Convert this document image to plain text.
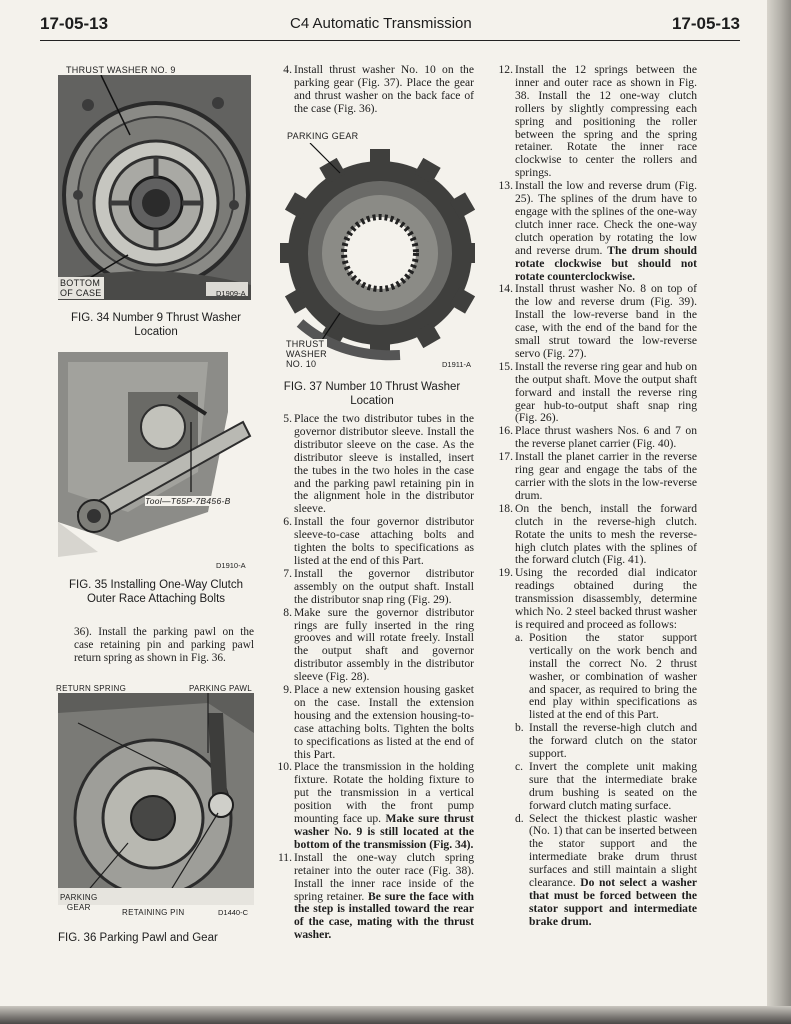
17-05-13	C4 Automatic Transmission	17-05-13
THRUST WASHER NO. 9
BOTTOM
OF CASE	D1909-A
FIG. 34 Number 9 Thrust Washer
Location
Tool—T65P-7B456-B
D1910-A
FIG. 35 Installing One-Way Clutch
Outer Race Attaching Bolts
36). Install the parking pawl on the case retaining pin and parking pawl return spring as shown in Fig. 36.
RETURN SPRING	PARKING PAWL
PARKING
GEAR
RETAINING PIN	D1440-C
FIG. 36 Parking Pawl and Gear
PARKING GEAR
THRUST
WASHER
NO. 10	D1911-A
FIG. 37 Number 10 Thrust Washer
Location
4. Install thrust washer No. 10 on the parking gear (Fig. 37). Place the gear and thrust washer on the back face of the case (Fig. 36).
5. Place the two distributor tubes in the governor distributor sleeve. Install the distributor sleeve on the case. As the distributor sleeve is installed, insert the tubes in the two holes in the case and the parking pawl retaining pin in the alignment hole in the distributor sleeve.
6. Install the four governor distributor sleeve-to-case attaching bolts and tighten the bolts to specifications as listed at the end of this Part.
7. Install the governor distributor assembly on the output shaft. Install the distributor snap ring (Fig. 29).
8. Make sure the governor distributor rings are fully inserted in the ring grooves and will rotate freely. Install the output shaft and governor distributor assembly in the distributor sleeve (Fig. 28).
9. Place a new extension housing gasket on the case. Install the extension housing and the extension housing-to-case attaching bolts. Tighten the bolts to specifications as listed at the end of this Part.
10. Place the transmission in the holding fixture. Rotate the holding fixture to put the transmission in a vertical position with the front pump mounting face up. Make sure thrust washer No. 9 is still located at the bottom of the transmission (Fig. 34).
11. Install the one-way clutch spring retainer into the outer race (Fig. 38). Install the inner race inside of the spring retainer. Be sure the face with the step is installed toward the rear of the case, mating with the thrust washer.
12. Install the 12 springs between the inner and outer race as shown in Fig. 38. Install the 12 one-way clutch rollers by slightly compressing each spring and positioning the roller between the spring and the spring retainer. Rotate the inner race clockwise to center the rollers and springs.
13. Install the low and reverse drum (Fig. 25). The splines of the drum have to engage with the splines of the one-way clutch inner race. Check the one-way clutch operation by rotating the low and reverse drum. The drum should rotate clockwise but should not rotate counterclockwise.
14. Install thrust washer No. 8 on top of the low and reverse drum (Fig. 39). Install the low-reverse band in the case, with the end of the band for the small strut toward the low-reverse servo (Fig. 27).
15. Install the reverse ring gear and hub on the output shaft. Move the output shaft forward and install the reverse ring gear hub-to-output shaft snap ring (Fig. 26).
16. Place thrust washers Nos. 6 and 7 on the reverse planet carrier (Fig. 40).
17. Install the planet carrier in the reverse ring gear and engage the tabs of the carrier with the slots in the low-reverse drum.
18. On the bench, install the forward clutch in the reverse-high clutch. Rotate the units to mesh the reverse-high clutch plates with the splines of the forward clutch (Fig. 41).
19. Using the recorded dial indicator readings obtained during the transmission disassembly, determine which No. 2 steel backed thrust washer is required and proceed as follows:
a. Position the stator support vertically on the work bench and install the correct No. 2 thrust washer, or combination of washer and spacer, as required to bring the end play within specifications as listed at the end of this Part.
b. Install the reverse-high clutch and the forward clutch on the stator support.
c. Invert the complete unit making sure that the intermediate brake drum bushing is seated on the forward clutch mating surface.
d. Select the thickest plastic washer (No. 1) that can be inserted between the stator support and the intermediate brake drum thrust surfaces and still maintain a slight clearance. Do not select a washer that must be forced between the stator support and intermediate brake drum.
